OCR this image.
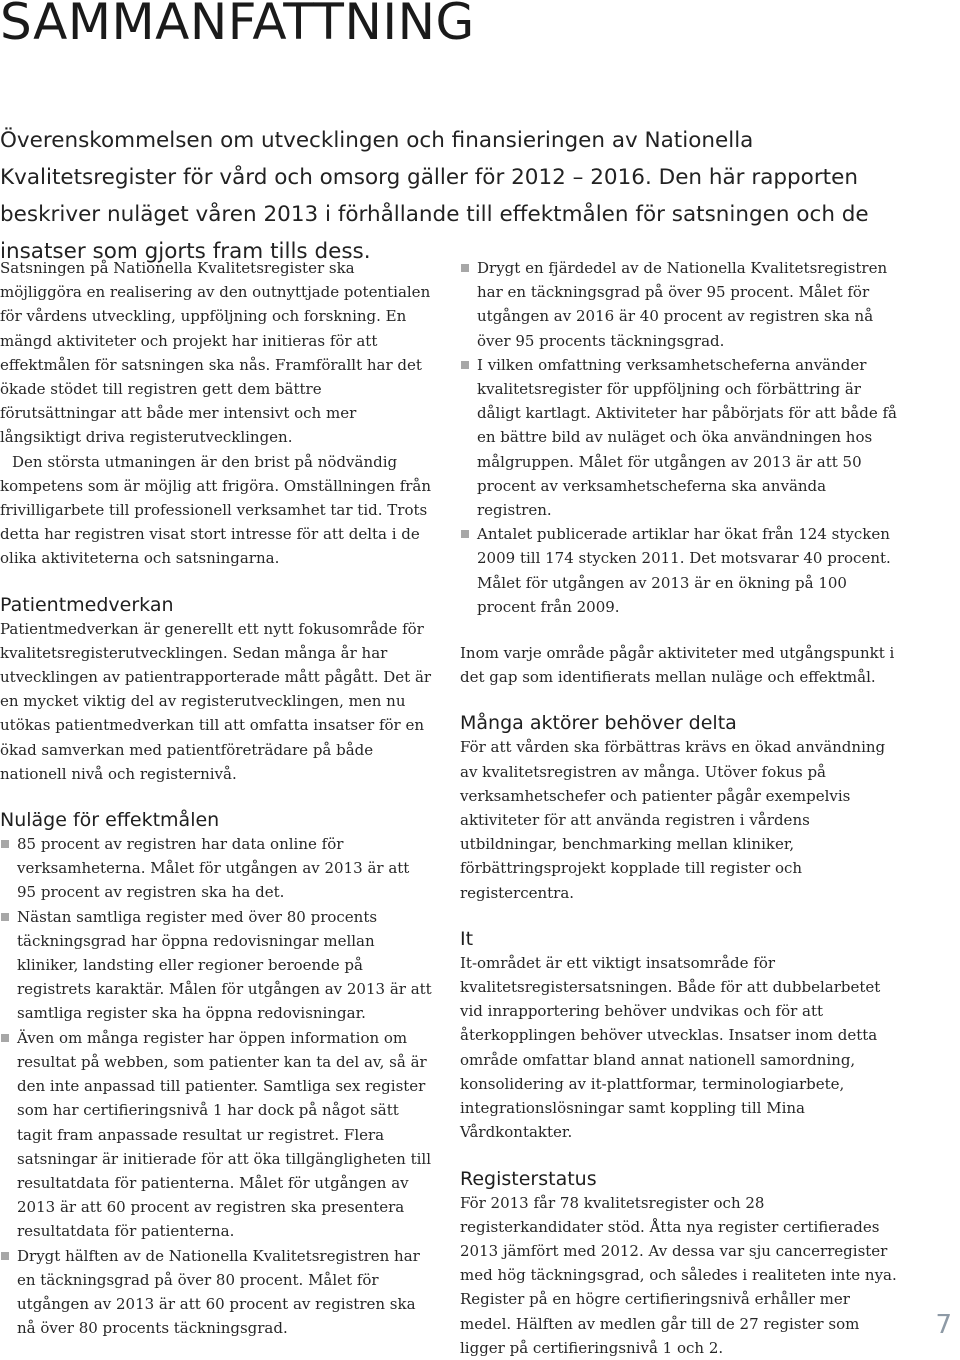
SAMMANFATTNING

Överenskommelsen om utvecklingen och finansieringen av Nationella Kvalitetsregister för vård och omsorg gäller för 2012 – 2016. Den här rapporten beskriver nuläget våren 2013 i förhållande till effektmålen för satsningen och de insatser som gjorts fram tills dess.

Satsningen på Nationella Kvalitetsregister ska möjliggöra en realisering av den outnyttjade potentialen för vårdens utveckling, uppföljning och forskning. En mängd aktiviteter och projekt har initieras för att effektmålen för satsningen ska nås. Framförallt har det ökade stödet till registren gett dem bättre förutsättningar att både mer intensivt och mer långsiktigt driva registerutvecklingen.

Den största utmaningen är den brist på nödvändig kompetens som är möjlig att frigöra. Omställningen från frivilligarbete till professionell verksamhet tar tid. Trots detta har registren visat stort intresse för att delta i de olika aktiviteterna och satsningarna.

Patientmedverkan

Patientmedverkan är generellt ett nytt fokusområde för kvalitetsregisterutvecklingen. Sedan många år har utvecklingen av patientrapporterade mått pågått. Det är en mycket viktig del av registerutvecklingen, men nu utökas patientmedverkan till att omfatta insatser för en ökad samverkan med patientföreträdare på både nationell nivå och registernivå.

Nuläge för effektmålen
85 procent av registren har data online för verksamheterna. Målet för utgången av 2013 är att 95 procent av registren ska ha det.
Nästan samtliga register med över 80 procents täckningsgrad har öppna redovisningar mellan kliniker, landsting eller regioner beroende på registrets karaktär. Målen för utgången av 2013 är att samtliga register ska ha öppna redovisningar.
Även om många register har öppen information om resultat på webben, som patienter kan ta del av, så är den inte anpassad till patienter. Samtliga sex register som har certifieringsnivå 1 har dock på något sätt tagit fram anpassade resultat ur registret. Flera satsningar är initierade för att öka tillgängligheten till resultatdata för patienterna. Målet för utgången av 2013 är att 60 procent av registren ska presentera resultatdata för patienterna.
Drygt hälften av de Nationella Kvalitetsregistren har en täckningsgrad på över 80 procent. Målet för utgången av 2013 är att 60 procent av registren ska nå över 80 procents täckningsgrad.
Drygt en fjärdedel av de Nationella Kvalitetsregistren har en täckningsgrad på över 95 procent. Målet för utgången av 2016 är 40 procent av registren ska nå över 95 procents täckningsgrad.
I vilken omfattning verksamhetscheferna använder kvalitetsregister för uppföljning och förbättring är dåligt kartlagt. Aktiviteter har påbörjats för att både få en bättre bild av nuläget och öka användningen hos målgruppen. Målet för utgången av 2013 är att 50 procent av verksamhetscheferna ska använda registren.
Antalet publicerade artiklar har ökat från 124 stycken 2009 till 174 stycken 2011. Det motsvarar 40 procent. Målet för utgången av 2013 är en ökning på 100 procent från 2009.

Inom varje område pågår aktiviteter med utgångspunkt i det gap som identifierats mellan nuläge och effektmål.

Många aktörer behöver delta

För att vården ska förbättras krävs en ökad användning av kvalitetsregistren av många. Utöver fokus på verksamhetschefer och patienter pågår exempelvis aktiviteter för att använda registren i vårdens utbildningar, benchmarking mellan kliniker, förbättringsprojekt kopplade till register och registercentra.

It

It-området är ett viktigt insatsområde för kvalitetsregistersatsningen. Både för att dubbelarbetet vid inrapportering behöver undvikas och för att återkopplingen behöver utvecklas. Insatser inom detta område omfattar bland annat nationell samordning, konsolidering av it-plattformar, terminologiarbete, integrationslösningar samt koppling till Mina Vårdkontakter.

Registerstatus

För 2013 får 78 kvalitetsregister och 28 registerkandidater stöd. Åtta nya register certifierades 2013 jämfört med 2012. Av dessa var sju cancerregister med hög täckningsgrad, och således i realiteten inte nya. Register på en högre certifieringsnivå erhåller mer medel. Hälften av medlen går till de 27 register som ligger på certifieringsnivå 1 och 2.

7
